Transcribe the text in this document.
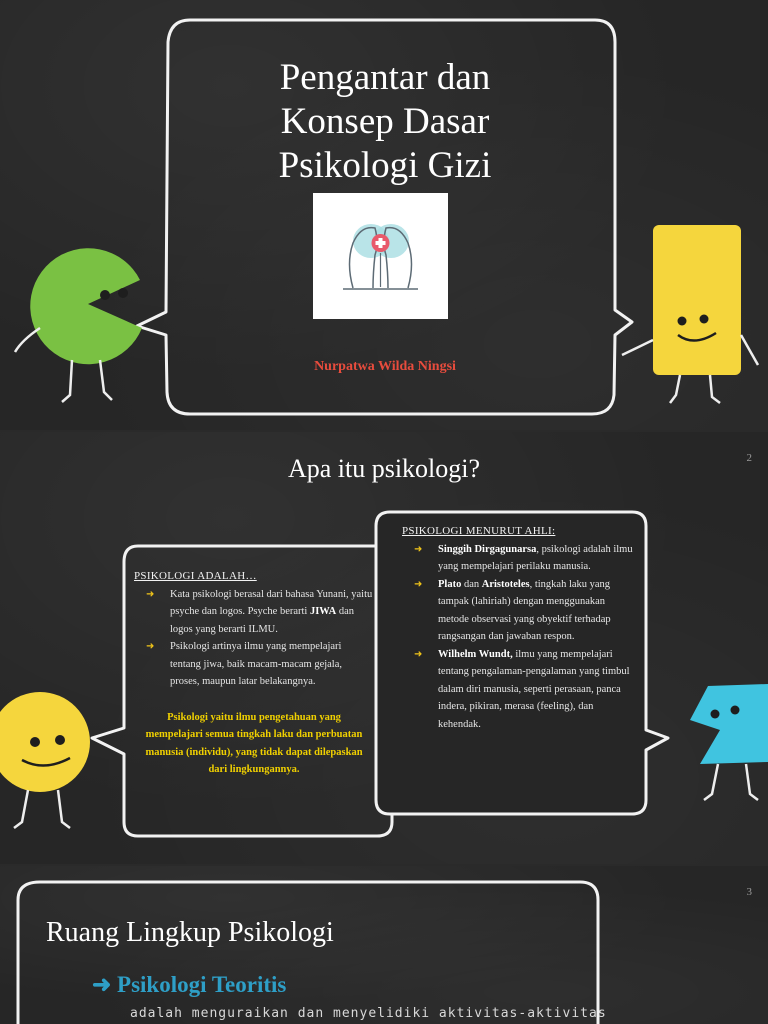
Pengantar dan
Konsep Dasar
Psikologi Gizi
Nurpatwa Wilda Ningsi
2
Apa itu psikologi?
PSIKOLOGI ADALAH…
➜ Kata psikologi berasal dari bahasa Yunani, yaitu psyche dan logos. Psyche berarti JIWA dan logos yang berarti ILMU.
➜ Psikologi artinya ilmu yang mempelajari tentang jiwa, baik macam-macam gejala, proses, maupun latar belakangnya.
Psikologi yaitu ilmu pengetahuan yang mempelajari semua tingkah laku dan perbuatan manusia (individu), yang tidak dapat dilepaskan dari lingkungannya.
PSIKOLOGI MENURUT AHLI:
➜ Singgih Dirgagunarsa, psikologi adalah ilmu yang mempelajari perilaku manusia.
➜ Plato dan Aristoteles, tingkah laku yang tampak (lahiriah) dengan menggunakan metode observasi yang obyektif terhadap rangsangan dan jawaban respon.
➜ Wilhelm Wundt, ilmu yang mempelajari tentang pengalaman-pengalaman yang timbul dalam diri manusia, seperti perasaan, panca indera, pikiran, merasa (feeling), dan kehendak.
3
Ruang Lingkup Psikologi
➜ Psikologi Teoritis
adalah menguraikan dan menyelidiki aktivitas-aktivitas
